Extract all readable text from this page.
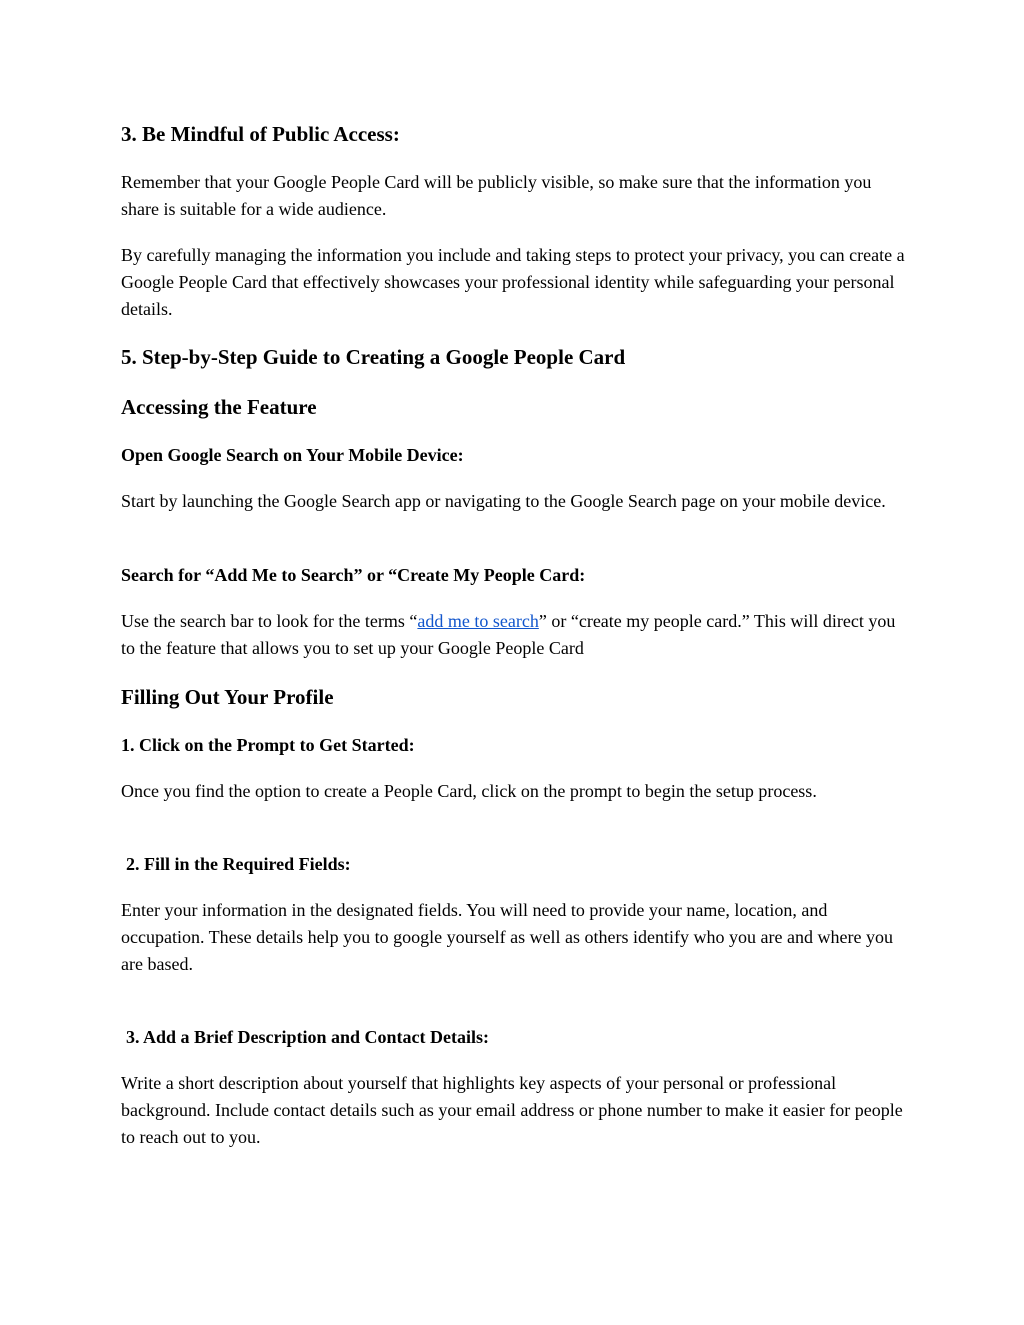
3. Be Mindful of Public Access:

Remember that your Google People Card will be publicly visible, so make sure that the information you share is suitable for a wide audience.

By carefully managing the information you include and taking steps to protect your privacy, you can create a Google People Card that effectively showcases your professional identity while safeguarding your personal details.

5. Step-by-Step Guide to Creating a Google People Card
Accessing the Feature
Open Google Search on Your Mobile Device:

Start by launching the Google Search app or navigating to the Google Search page on your mobile device.

Search for “Add Me to Search” or “Create My People Card:

Use the search bar to look for the terms “add me to search” or “create my people card.” This will direct you to the feature that allows you to set up your Google People Card

Filling Out Your Profile
1. Click on the Prompt to Get Started:

Once you find the option to create a People Card, click on the prompt to begin the setup process.

2. Fill in the Required Fields:

Enter your information in the designated fields. You will need to provide your name, location, and occupation. These details help you to google yourself as well as others identify who you are and where you are based.

3. Add a Brief Description and Contact Details:

Write a short description about yourself that highlights key aspects of your personal or professional background. Include contact details such as your email address or phone number to make it easier for people to reach out to you.
